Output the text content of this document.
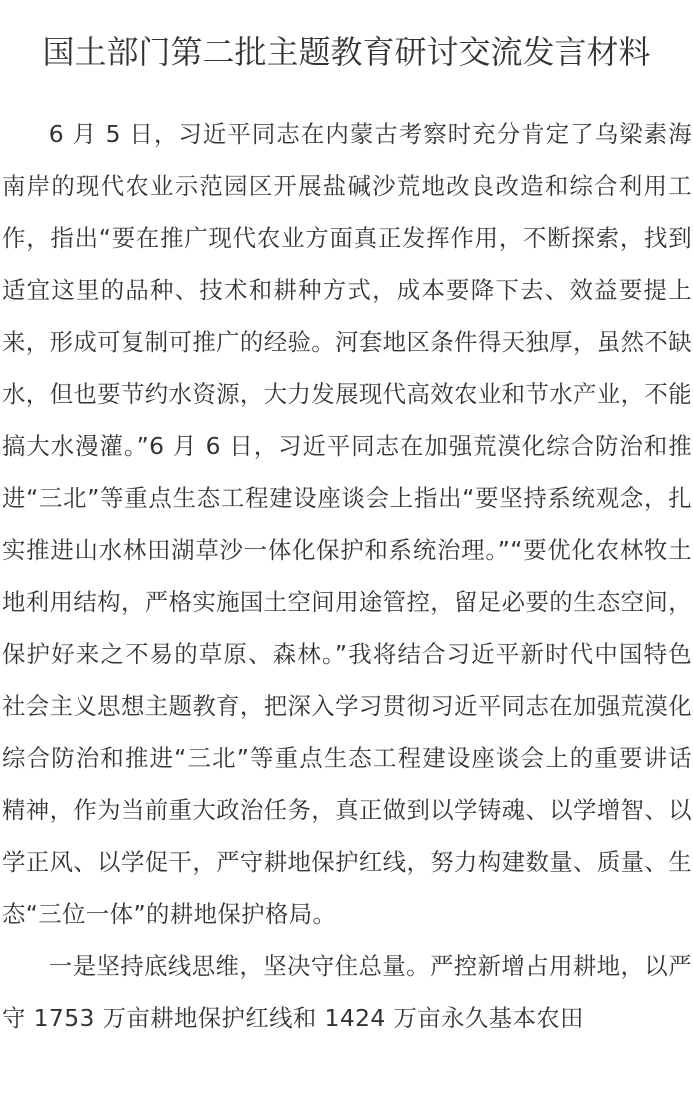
国土部门第二批主题教育研讨交流发言材料

6 月 5 日，习近平同志在内蒙古考察时充分肯定了乌梁素海南岸的现代农业示范园区开展盐碱沙荒地改良改造和综合利用工作，指出“要在推广现代农业方面真正发挥作用，不断探索，找到适宜这里的品种、技术和耕种方式，成本要降下去、效益要提上来，形成可复制可推广的经验。河套地区条件得天独厚，虽然不缺水，但也要节约水资源，大力发展现代高效农业和节水产业，不能搞大水漫灌。”6 月 6 日，习近平同志在加强荒漠化综合防治和推进“三北”等重点生态工程建设座谈会上指出“要坚持系统观念，扎实推进山水林田湖草沙一体化保护和系统治理。”“要优化农林牧土地利用结构，严格实施国土空间用途管控，留足必要的生态空间，保护好来之不易的草原、森林。”我将结合习近平新时代中国特色社会主义思想主题教育，把深入学习贯彻习近平同志在加强荒漠化综合防治和推进“三北”等重点生态工程建设座谈会上的重要讲话精神，作为当前重大政治任务，真正做到以学铸魂、以学增智、以学正风、以学促干，严守耕地保护红线，努力构建数量、质量、生态“三位一体”的耕地保护格局。

一是坚持底线思维，坚决守住总量。严控新增占用耕地，以严守 1753 万亩耕地保护红线和 1424 万亩永久基本农田
